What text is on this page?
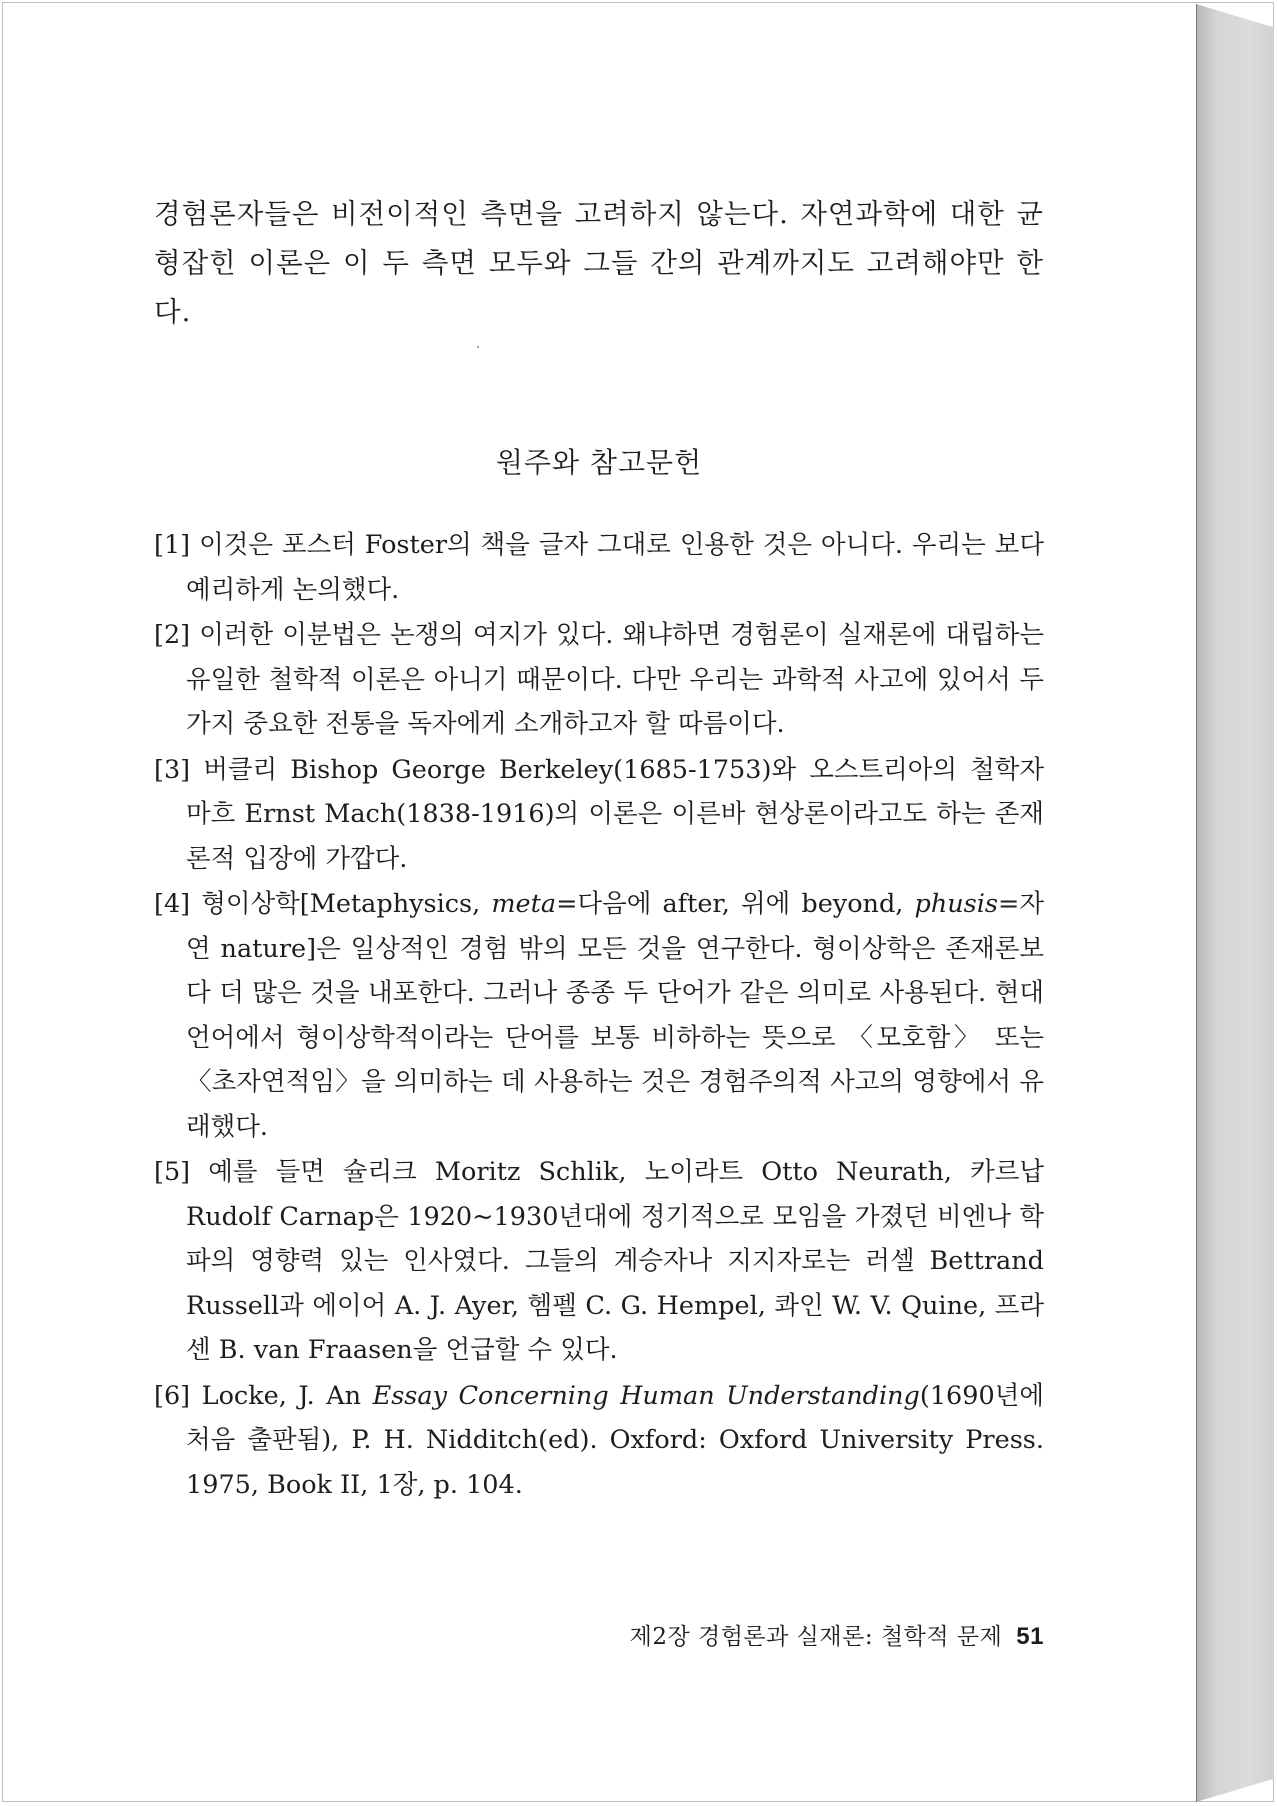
경험론자들은 비전이적인 측면을 고려하지 않는다. 자연과학에 대한 균형잡힌 이론은 이 두 측면 모두와 그들 간의 관계까지도 고려해야만 한다.

원주와 참고문헌
[1] 이것은 포스터 Foster의 책을 글자 그대로 인용한 것은 아니다. 우리는 보다 예리하게 논의했다.
[2] 이러한 이분법은 논쟁의 여지가 있다. 왜냐하면 경험론이 실재론에 대립하는 유일한 철학적 이론은 아니기 때문이다. 다만 우리는 과학적 사고에 있어서 두 가지 중요한 전통을 독자에게 소개하고자 할 따름이다.
[3] 버클리 Bishop George Berkeley(1685-1753)와 오스트리아의 철학자 마흐 Ernst Mach(1838-1916)의 이론은 이른바 현상론이라고도 하는 존재론적 입장에 가깝다.
[4] 형이상학[Metaphysics, meta=다음에 after, 위에 beyond, phusis=자연 nature]은 일상적인 경험 밖의 모든 것을 연구한다. 형이상학은 존재론보다 더 많은 것을 내포한다. 그러나 종종 두 단어가 같은 의미로 사용된다. 현대 언어에서 형이상학적이라는 단어를 보통 비하하는 뜻으로 〈모호함〉 또는 〈초자연적임〉을 의미하는 데 사용하는 것은 경험주의적 사고의 영향에서 유래했다.
[5] 예를 들면 슐리크 Moritz Schlik, 노이라트 Otto Neurath, 카르납 Rudolf Carnap은 1920~1930년대에 정기적으로 모임을 가졌던 비엔나 학파의 영향력 있는 인사였다. 그들의 계승자나 지지자로는 러셀 Bettrand Russell과 에이어 A. J. Ayer, 헴펠 C. G. Hempel, 콰인 W. V. Quine, 프라센 B. van Fraasen을 언급할 수 있다.
[6] Locke, J. An Essay Concerning Human Understanding(1690년에 처음 출판됨), P. H. Nidditch(ed). Oxford: Oxford University Press. 1975, Book II, 1장, p. 104.
제2장 경험론과 실재론: 철학적 문제 51
